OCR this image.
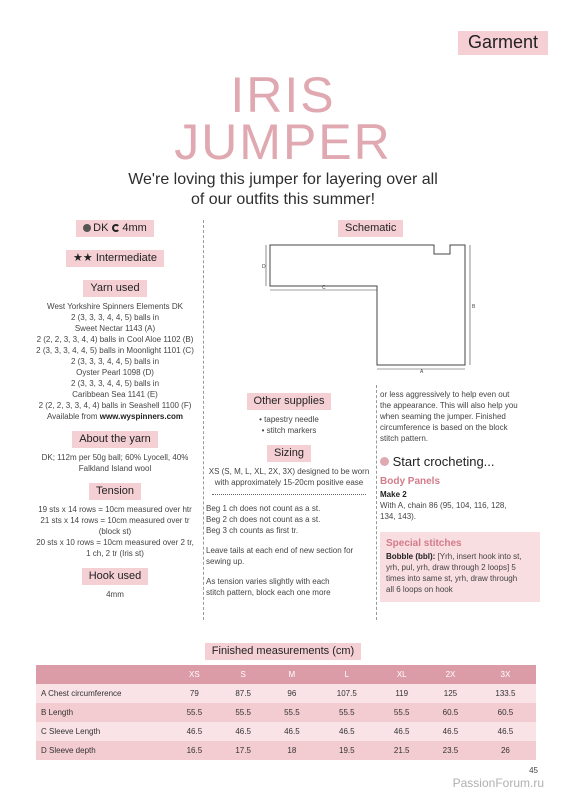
Garment
IRIS
JUMPER
We're loving this jumper for layering over all
of our outfits this summer!
DK 4mm
★★ Intermediate
Yarn used
West Yorkshire Spinners Elements DK
2 (3, 3, 3, 4, 4, 5) balls in
Sweet Nectar 1143 (A)
2 (2, 2, 3, 3, 4, 4) balls in Cool Aloe 1102 (B)
2 (3, 3, 3, 4, 4, 5) balls in Moonlight 1101 (C)
2 (3, 3, 3, 4, 4, 5) balls in
Oyster Pearl 1098 (D)
2 (3, 3, 3, 4, 4, 5) balls in
Caribbean Sea 1141 (E)
2 (2, 2, 3, 3, 4, 4) balls in Seashell 1100 (F)
Available from www.wyspinners.com
About the yarn
DK; 112m per 50g ball; 60% Lyocell, 40%
Falkland Island wool
Tension
19 sts x 14 rows = 10cm measured over htr
21 sts x 14 rows = 10cm measured over tr
(block st)
20 sts x 10 rows = 10cm measured over 2 tr,
1 ch, 2 tr (Iris st)
Hook used
4mm
Schematic
D
C
B
A
Other supplies
• tapestry needle
• stitch markers
Sizing
XS (S, M, L, XL, 2X, 3X) designed to be worn
with approximately 15-20cm positive ease
Beg 1 ch does not count as a st.
Beg 2 ch does not count as a st.
Beg 3 ch counts as first tr.
Leave tails at each end of new section for
sewing up.
As tension varies slightly with each
stitch pattern, block each one more
or less aggressively to help even out
the appearance. This will also help you
when seaming the jumper. Finished
circumference is based on the block
stitch pattern.
Start crocheting...
Body Panels
Make 2
With A, chain 86 (95, 104, 116, 128,
134, 143).
Special stitches
Bobble (bbl): [Yrh, insert hook into st,
yrh, pul, yrh, draw through 2 loops] 5
times into same st, yrh, draw through
all 6 loops on hook
Finished measurements (cm)
	XS	S	M	L	XL	2X	3X
A Chest circumference	79	87.5	96	107.5	119	125	133.5
B Length	55.5	55.5	55.5	55.5	55.5	60.5	60.5
C Sleeve Length	46.5	46.5	46.5	46.5	46.5	46.5	46.5
D Sleeve depth	16.5	17.5	18	19.5	21.5	23.5	26
45
PassionForum.ru
